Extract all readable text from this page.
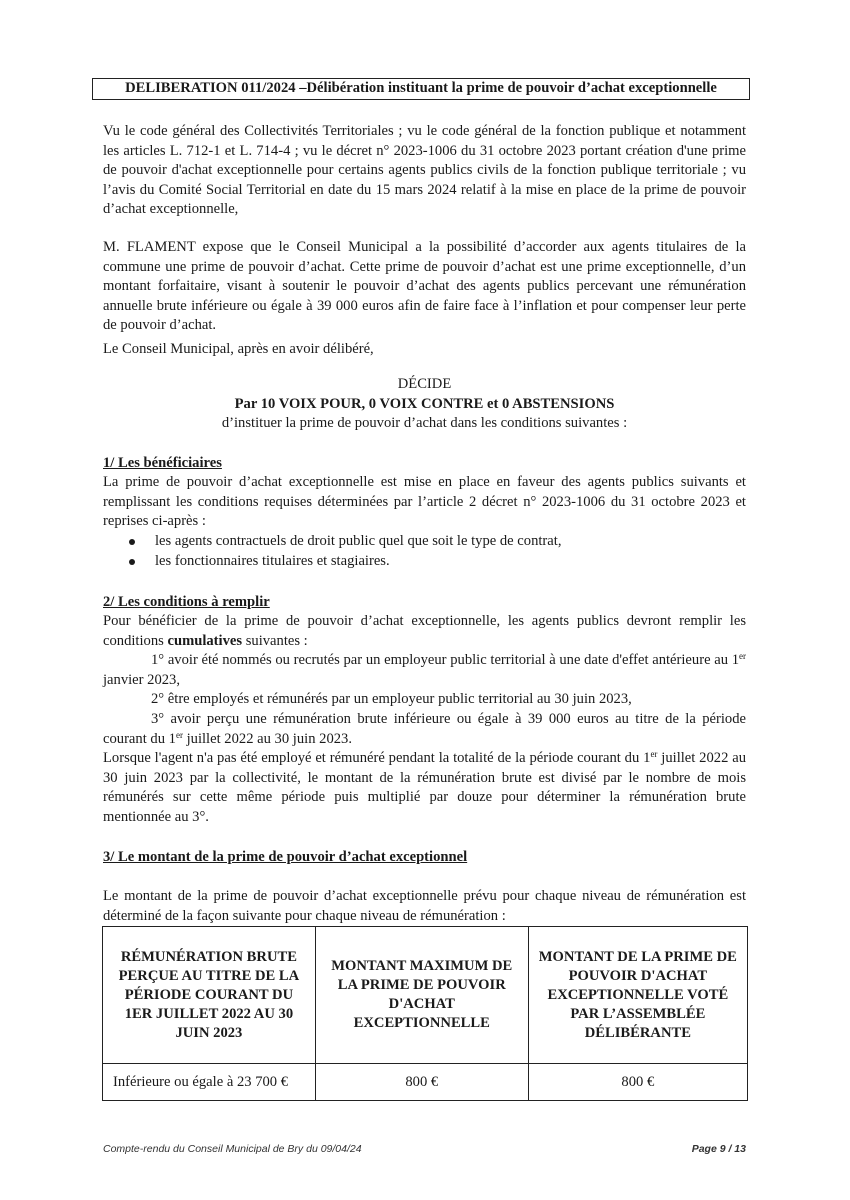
DELIBERATION 011/2024 –Délibération instituant la prime de pouvoir d’achat exceptionnelle
Vu le code général des Collectivités Territoriales ; vu le code général de la fonction publique et notamment les articles L. 712-1 et L. 714-4 ; vu le décret n° 2023-1006 du 31 octobre 2023 portant création d'une prime de pouvoir d'achat exceptionnelle pour certains agents publics civils de la fonction publique territoriale ; vu l’avis du Comité Social Territorial en date du 15 mars 2024 relatif à la mise en place de la prime de pouvoir d’achat exceptionnelle,
M. FLAMENT expose que le Conseil Municipal a la possibilité d’accorder aux agents titulaires de la commune une prime de pouvoir d’achat. Cette prime de pouvoir d’achat est une prime exceptionnelle, d’un montant forfaitaire, visant à soutenir le pouvoir d’achat des agents publics percevant une rémunération annuelle brute inférieure ou égale à 39 000 euros afin de faire face à l’inflation et pour compenser leur perte de pouvoir d’achat.
Le Conseil Municipal, après en avoir délibéré,
DÉCIDE
Par 10 VOIX POUR, 0 VOIX CONTRE et 0 ABSTENSIONS
d’instituer la prime de pouvoir d’achat dans les conditions suivantes :
1/ Les bénéficiaires
La prime de pouvoir d’achat exceptionnelle est mise en place en faveur des agents publics suivants et remplissant les conditions requises déterminées par l’article 2 décret n° 2023-1006 du 31 octobre 2023 et reprises ci-après :
les agents contractuels de droit public quel que soit le type de contrat,
les fonctionnaires titulaires et stagiaires.
2/ Les conditions à remplir
Pour bénéficier de la prime de pouvoir d’achat exceptionnelle, les agents publics devront remplir les conditions cumulatives suivantes :
1° avoir été nommés ou recrutés par un employeur public territorial à une date d'effet antérieure au 1er janvier 2023,
2° être employés et rémunérés par un employeur public territorial au 30 juin 2023,
3° avoir perçu une rémunération brute inférieure ou égale à 39 000 euros au titre de la période courant du 1er juillet 2022 au 30 juin 2023.
Lorsque l'agent n'a pas été employé et rémunéré pendant la totalité de la période courant du 1er juillet 2022 au 30 juin 2023 par la collectivité, le montant de la rémunération brute est divisé par le nombre de mois rémunérés sur cette même période puis multiplié par douze pour déterminer la rémunération brute mentionnée au 3°.
3/ Le montant de la prime de pouvoir d’achat exceptionnel
Le montant de la prime de pouvoir d’achat exceptionnelle prévu pour chaque niveau de rémunération est déterminé de la façon suivante pour chaque niveau de rémunération :
RÉMUNÉRATION BRUTE PERÇUE AU TITRE DE LA PÉRIODE COURANT DU 1ER JUILLET 2022 AU 30 JUIN 2023	MONTANT MAXIMUM DE LA PRIME DE POUVOIR D'ACHAT EXCEPTIONNELLE	MONTANT DE LA PRIME DE POUVOIR D'ACHAT EXCEPTIONNELLE VOTÉ PAR L’ASSEMBLÉE DÉLIBÉRANTE
Inférieure ou égale à 23 700 €	800 €	800 €
Compte-rendu du Conseil Municipal de Bry du 09/04/24	Page 9 / 13
